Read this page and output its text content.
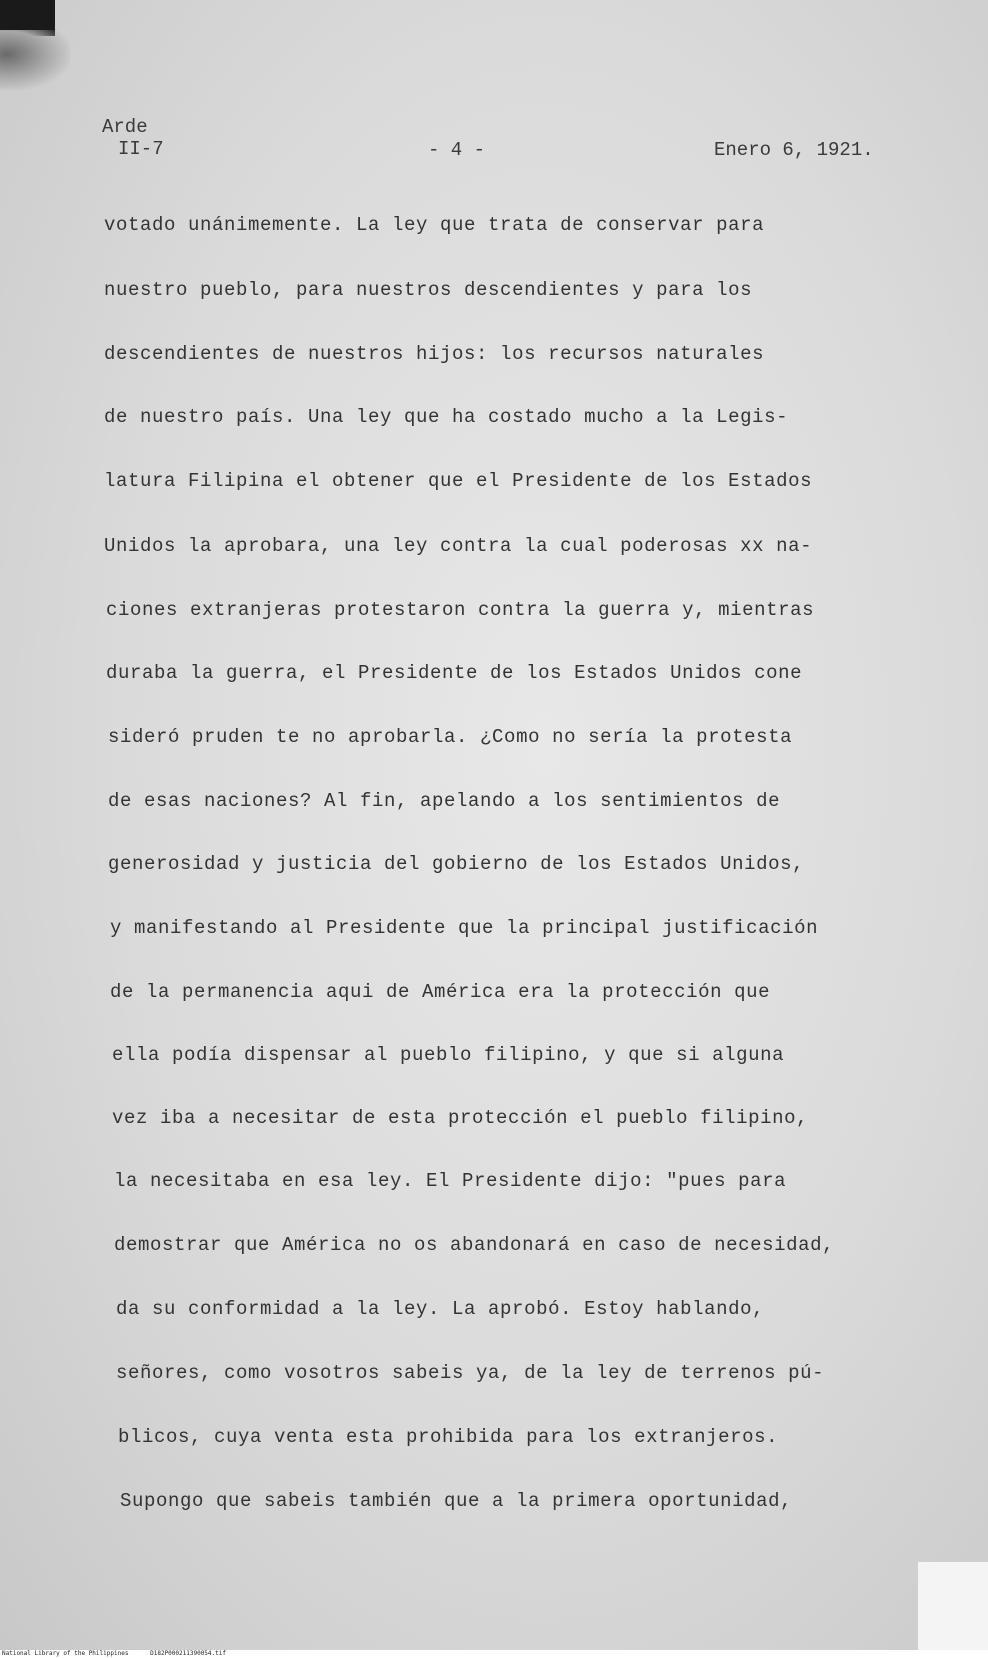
Arde
II-7	- 4 -	Enero 6, 1921.
votado unánimemente. La ley que trata de conservar para
nuestro pueblo, para nuestros descendientes y para los
descendientes de nuestros hijos: los recursos naturales
de nuestro país. Una ley que ha costado mucho a la Legis-
latura Filipina el obtener que el Presidente de los Estados
Unidos la aprobara, una ley contra la cual poderosas xx na-
ciones extranjeras protestaron contra la guerra y, mientras
duraba la guerra, el Presidente de los Estados Unidos cone
sideró pruden te no aprobarla. ¿Como no sería la protesta
de esas naciones? Al fin, apelando a los sentimientos de
generosidad y justicia del gobierno de los Estados Unidos,
y manifestando al Presidente que la principal justificación
de la permanencia aqui de América era la protección que
ella podía dispensar al pueblo filipino, y que si alguna
vez iba a necesitar de esta protección el pueblo filipino,
la necesitaba en esa ley. El Presidente dijo: "pues para
demostrar que América no os abandonará en caso de necesidad,
da su conformidad a la ley. La aprobó. Estoy hablando,
señores, como vosotros sabeis ya, de la ley de terrenos pú-
blicos, cuya venta esta prohibida para los extranjeros.
Supongo que sabeis también que a la primera oportunidad,
National Library of the Philippines	D182P000211390054.tif
